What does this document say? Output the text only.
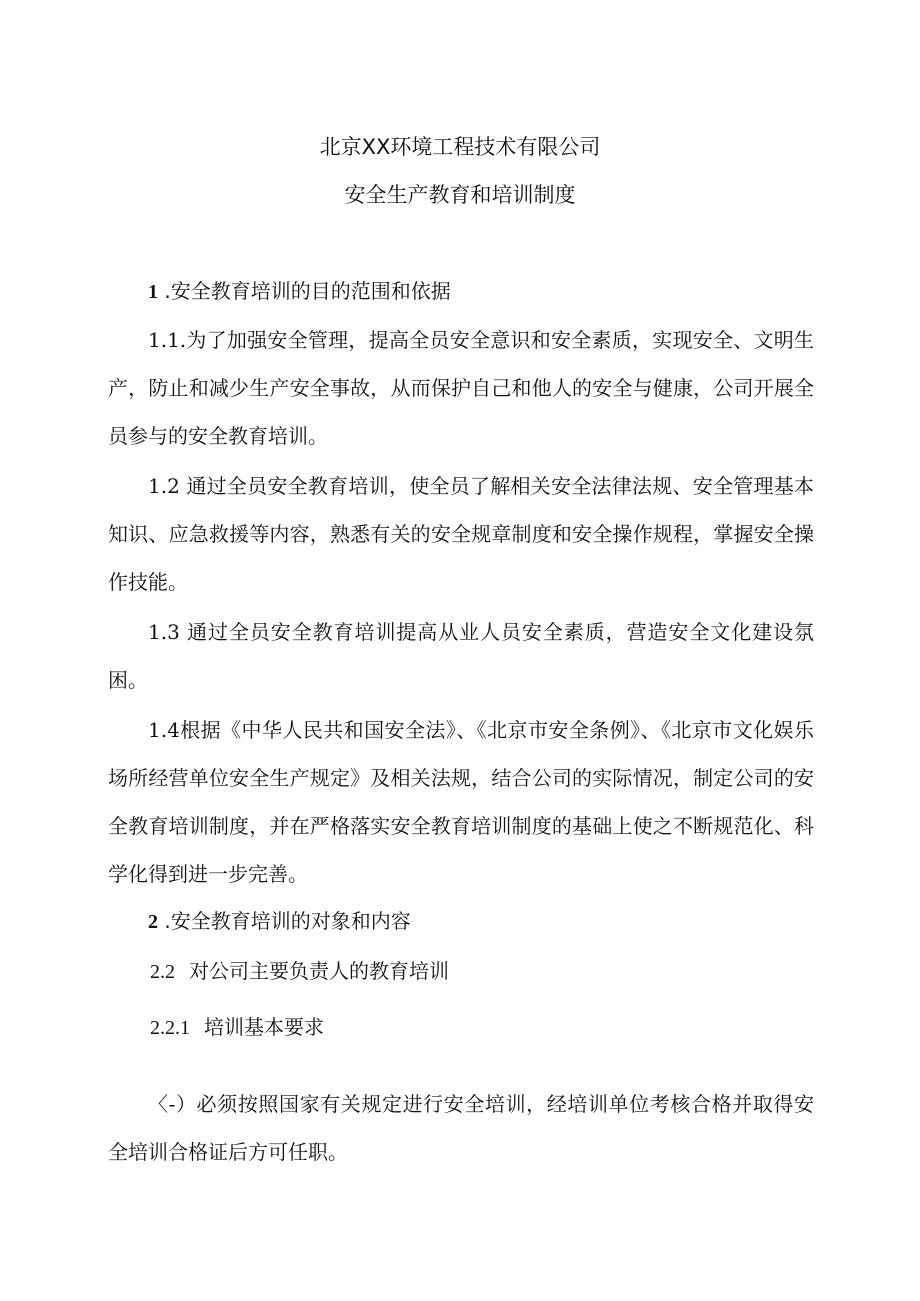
北京XX环境工程技术有限公司
安全生产教育和培训制度
1 .安全教育培训的目的范围和依据

1.1.为了加强安全管理，提高全员安全意识和安全素质，实现安全、文明生产，防止和减少生产安全事故，从而保护自己和他人的安全与健康，公司开展全员参与的安全教育培训。

1.2 通过全员安全教育培训，使全员了解相关安全法律法规、安全管理基本知识、应急救援等内容，熟悉有关的安全规章制度和安全操作规程，掌握安全操作技能。

1.3 通过全员安全教育培训提高从业人员安全素质，营造安全文化建设氛困。

1.4根据《中华人民共和国安全法》、《北京市安全条例》、《北京市文化娱乐场所经营单位安全生产规定》及相关法规，结合公司的实际情况，制定公司的安全教育培训制度，并在严格落实安全教育培训制度的基础上使之不断规范化、科学化得到进一步完善。

2 .安全教育培训的对象和内容

2.2 对公司主要负责人的教育培训

2.2.1 培训基本要求

〈-）必须按照国家有关规定进行安全培训，经培训单位考核合格并取得安全培训合格证后方可任职。
